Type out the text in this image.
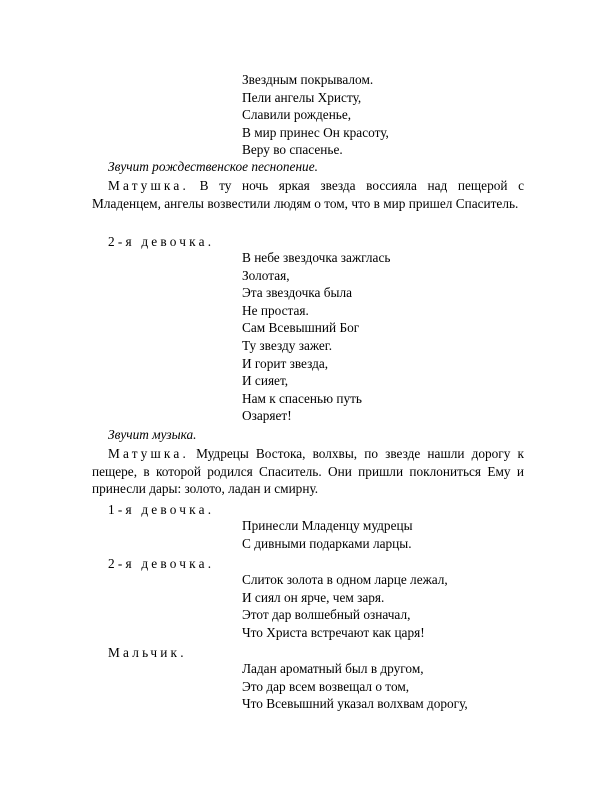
Звездным покрывалом.
Пели ангелы Христу,
Славили рожденье,
В мир принес Он красоту,
Веру во спасенье.
Звучит рождественское песнопение.
Матушка. В ту ночь яркая звезда воссияла над пещерой с Младенцем, ангелы возвестили людям о том, что в мир пришел Спаситель.
2-я девочка.
В небе звездочка зажглась
Золотая,
Эта звездочка была
Не простая.
Сам Всевышний Бог
Ту звезду зажег.
И горит звезда,
И сияет,
Нам к спасенью путь
Озаряет!
Звучит музыка.
Матушка. Мудрецы Востока, волхвы, по звезде нашли дорогу к пещере, в которой родился Спаситель. Они пришли поклониться Ему и принесли дары: золото, ладан и смирну.
1-я девочка.
Принесли Младенцу мудрецы
С дивными подарками ларцы.
2-я девочка.
Слиток золота в одном ларце лежал,
И сиял он ярче, чем заря.
Этот дар волшебный означал,
Что Христа встречают как царя!
Мальчик.
Ладан ароматный был в другом,
Это дар всем возвещал о том,
Что Всевышний указал волхвам дорогу,
